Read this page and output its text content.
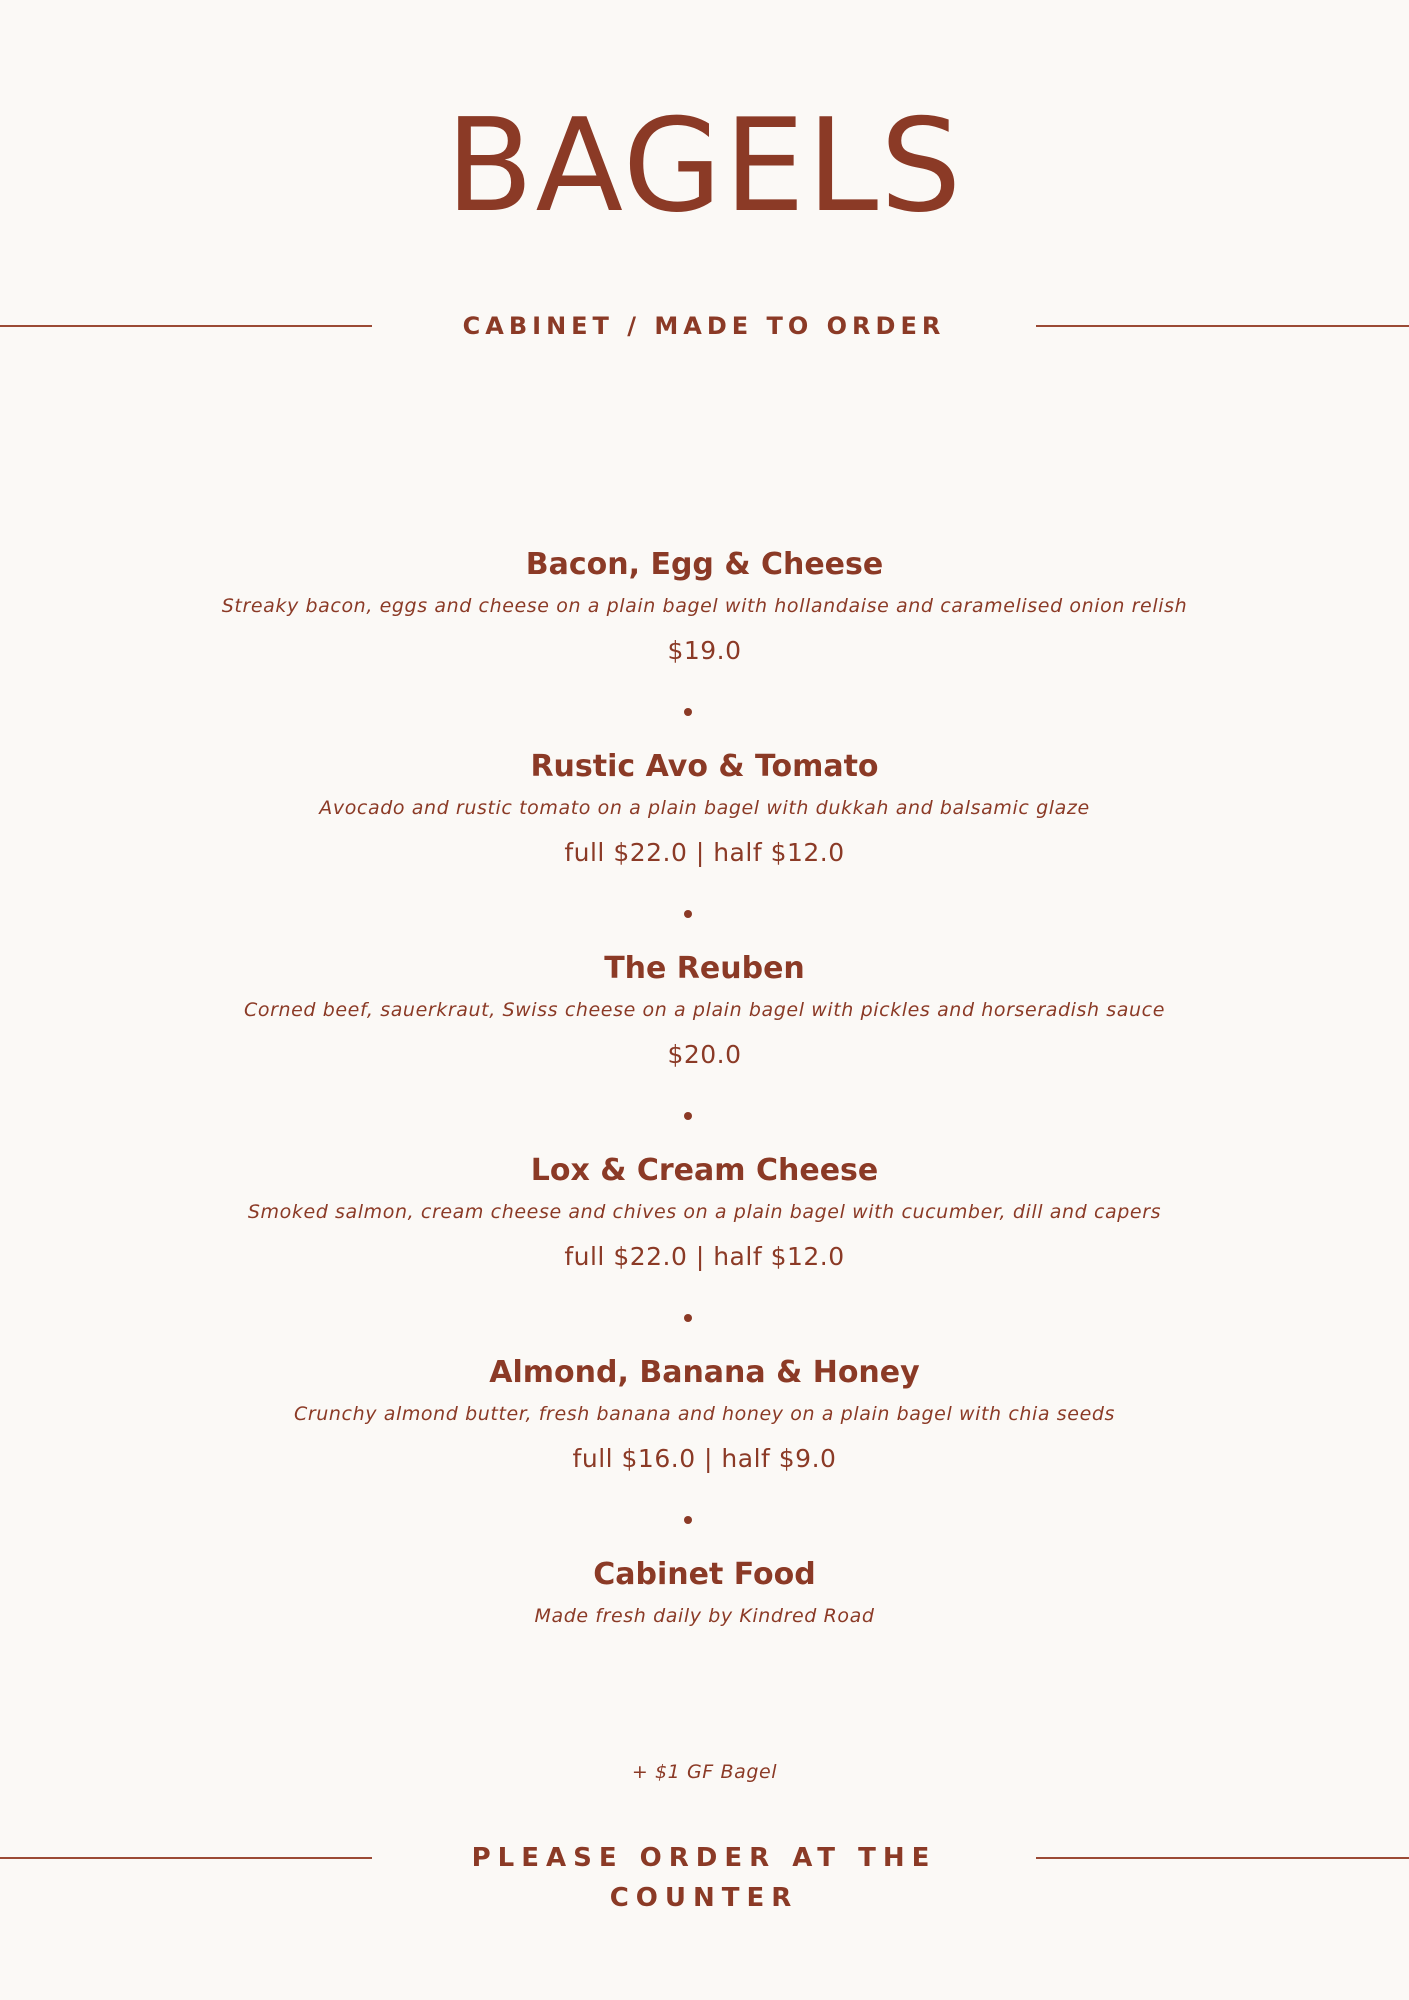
BAGELS
CABINET / MADE TO ORDER
Bacon, Egg & Cheese
Streaky bacon, eggs and cheese on a plain bagel with hollandaise and caramelised onion relish
$19.0
Rustic Avo & Tomato
Avocado and rustic tomato on a plain bagel with dukkah and balsamic glaze
full $22.0 | half $12.0
The Reuben
Corned beef, sauerkraut, Swiss cheese on a plain bagel with pickles and horseradish sauce
$20.0
Lox & Cream Cheese
Smoked salmon, cream cheese and chives on a plain bagel with cucumber, dill and capers
full $22.0 | half $12.0
Almond, Banana & Honey
Crunchy almond butter, fresh banana and honey on a plain bagel with chia seeds
full $16.0 | half $9.0
Cabinet Food
Made fresh daily by Kindred Road
+ $1 GF Bagel
PLEASE ORDER AT THE COUNTER
